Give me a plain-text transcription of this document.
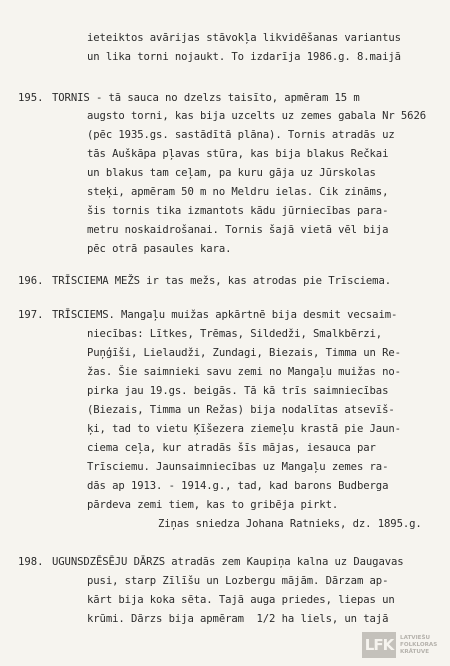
ieteiktos avārijas stāvokļa likvidēšanas variantus
un lika torni nojaukt. To izdarīja 1986.g. 8.maijā
195. TORNIS - tā sauca no dzelzs taisīto, apmēram 15 m
augsto torni, kas bija uzcelts uz zemes gabala Nr 5626
(pēc 1935.gs. sastādītā plāna). Tornis atradās uz
tās Auškāpa pļavas stūra, kas bija blakus Rečkai
un blakus tam ceļam, pa kuru gāja uz Jūrskolas
steķi, apmēram 50 m no Meldru ielas. Cik zināms,
šis tornis tika izmantots kādu jūrniecības para-
metru noskaidrošanai. Tornis šajā vietā vēl bija
pēc otrā pasaules kara.
196. TRĪSCIEMA MEŽS ir tas mežs, kas atrodas pie Trīsciema.
197. TRĪSCIEMS. Mangaļu muižas apkārtnē bija desmit vecsaim-
niecības: Lītkes, Trēmas, Sildedži, Smalkbērzi,
Puņģīši, Lielaudži, Zundagi, Biezais, Timma un Re-
žas. Šie saimnieki savu zemi no Mangaļu muižas no-
pirka jau 19.gs. beigās. Tā kā trīs saimniecības
(Biezais, Timma un Režas) bija nodalītas atsevīš-
ķi, tad to vietu Ķīšezera ziemeļu krastā pie Jaun-
ciema ceļa, kur atradās šīs mājas, iesauca par
Trīsciemu. Jaunsaimniecības uz Mangaļu zemes ra-
dās ap 1913. - 1914.g., tad, kad barons Budberga
pārdeva zemi tiem, kas to gribēja pirkt.
Ziņas sniedza Johana Ratnieks, dz. 1895.g.
198. UGUNSDZĒSĒJU DĀRZS atradās zem Kaupiņa kalna uz Daugavas
pusi, starp Zīlīšu un Lozbergu mājām. Dārzam ap-
kārt bija koka sēta. Tajā auga priedes, liepas un
krūmi. Dārzs bija apmēram  1/2 ha liels, un tajā
LFK	LATVIEŠU
FOLKLORAS
KRĀTUVE
